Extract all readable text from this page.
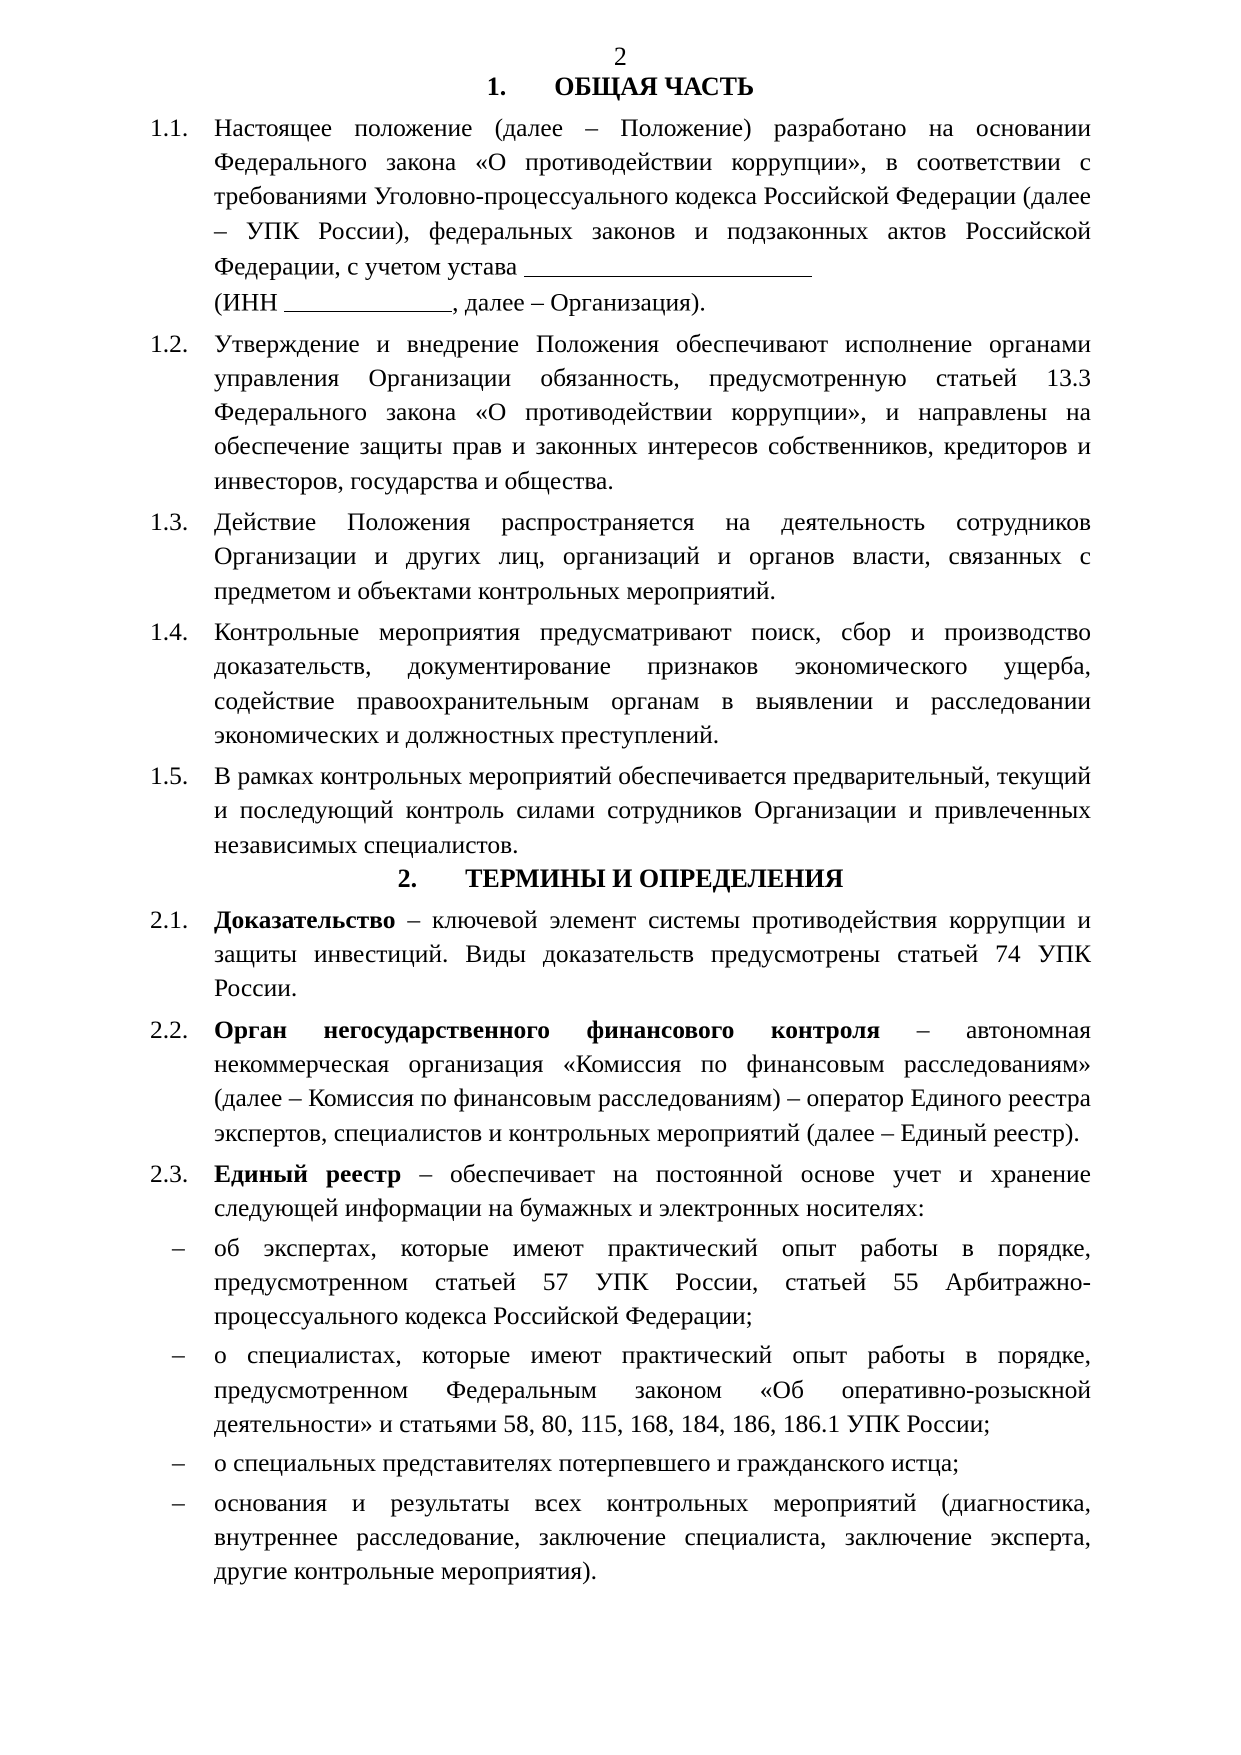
2
1. ОБЩАЯ ЧАСТЬ
1.1.	Настоящее положение (далее – Положение) разработано на основании Федерального закона «О противодействии коррупции», в соответствии с требованиями Уголовно-процессуального кодекса Российской Федерации (далее – УПК России), федеральных законов и подзаконных актов Российской Федерации, с учетом устава
(ИНН	, далее – Организация).
1.2.	Утверждение и внедрение Положения обеспечивают исполнение органами управления Организации обязанность, предусмотренную статьей 13.3 Федерального закона «О противодействии коррупции», и направлены на обеспечение защиты прав и законных интересов собственников, кредиторов и инвесторов, государства и общества.
1.3.	Действие Положения распространяется на деятельность сотрудников Организации и других лиц, организаций и органов власти, связанных с предметом и объектами контрольных мероприятий.
1.4.	Контрольные мероприятия предусматривают поиск, сбор и производство доказательств, документирование признаков экономического ущерба, содействие правоохранительным органам в выявлении и расследовании экономических и должностных преступлений.
1.5.	В рамках контрольных мероприятий обеспечивается предварительный, текущий и последующий контроль силами сотрудников Организации и привлеченных независимых специалистов.
2. ТЕРМИНЫ И ОПРЕДЕЛЕНИЯ
2.1.	Доказательство – ключевой элемент системы противодействия коррупции и защиты инвестиций. Виды доказательств предусмотрены статьей 74 УПК России.
2.2.	Орган негосударственного финансового контроля – автономная некоммерческая организация «Комиссия по финансовым расследованиям» (далее – Комиссия по финансовым расследованиям) – оператор Единого реестра экспертов, специалистов и контрольных мероприятий (далее – Единый реестр).
2.3.	Единый реестр – обеспечивает на постоянной основе учет и хранение следующей информации на бумажных и электронных носителях:
–	об экспертах, которые имеют практический опыт работы в порядке, предусмотренном статьей 57 УПК России, статьей 55 Арбитражно-процессуального кодекса Российской Федерации;
–	о специалистах, которые имеют практический опыт работы в порядке, предусмотренном Федеральным законом «Об оперативно-розыскной деятельности» и статьями 58, 80, 115, 168, 184, 186, 186.1 УПК России;
–	о специальных представителях потерпевшего и гражданского истца;
–	основания и результаты всех контрольных мероприятий (диагностика, внутреннее расследование, заключение специалиста, заключение эксперта, другие контрольные мероприятия).
